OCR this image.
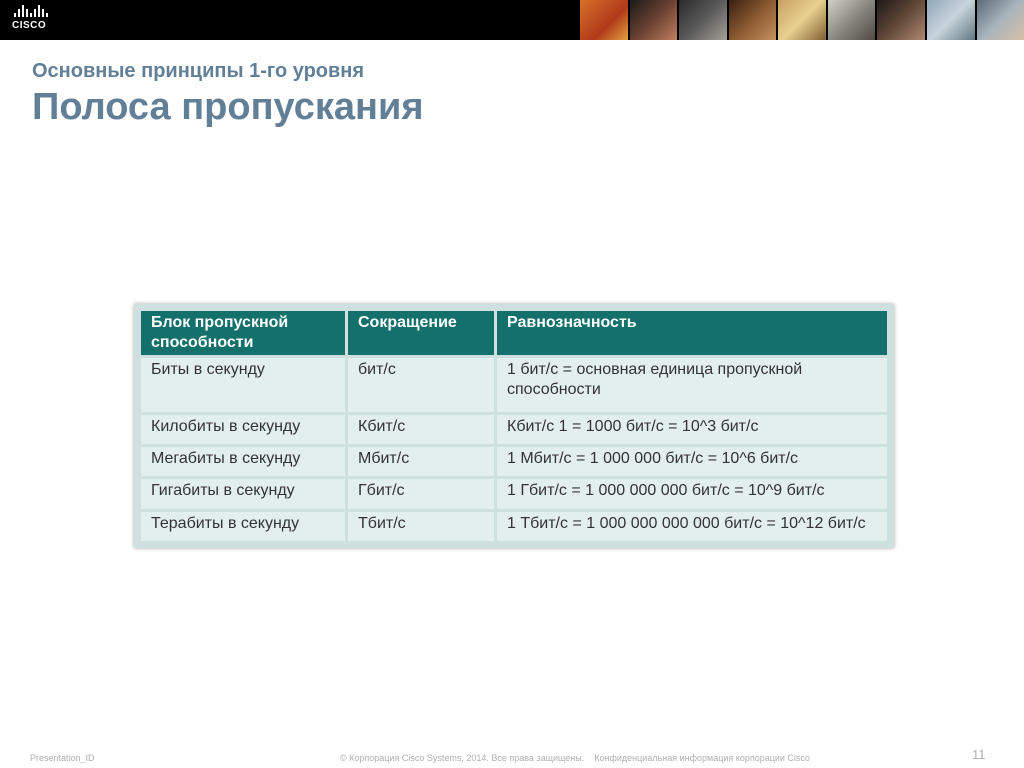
CISCO
Основные принципы 1-го уровня
Полоса пропускания
Блок пропускной способности	Сокращение	Равнозначность
Биты в секунду	бит/с	1 бит/с = основная единица пропускной способности
Килобиты в секунду	Кбит/с	Кбит/с 1 = 1000 бит/с = 10^3 бит/с
Мегабиты в секунду	Мбит/с	1 Мбит/с = 1 000 000 бит/с = 10^6 бит/с
Гигабиты в секунду	Гбит/с	1 Гбит/с = 1 000 000 000 бит/с = 10^9 бит/с
Терабиты в секунду	Тбит/с	1 Тбит/с = 1 000 000 000 000 бит/с = 10^12 бит/с
Presentation_ID	© Корпорация Cisco Systems, 2014. Все права защищены. Конфиденциальная информация корпорации Cisco	11
